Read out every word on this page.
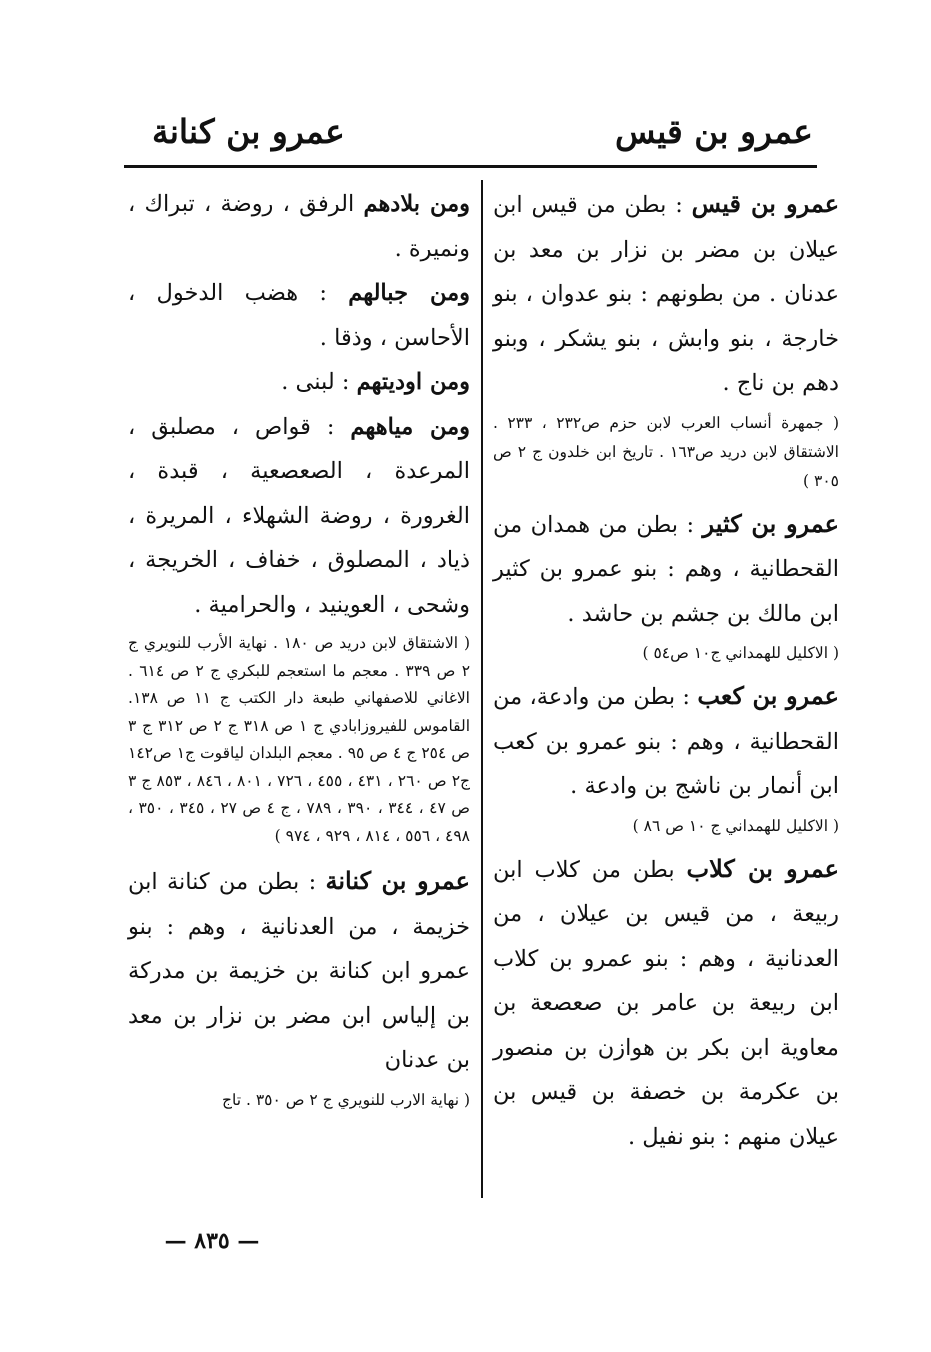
عمرو بن قيس
عمرو بن كنانة

عمرو بن قيس : بطن من قيس ابن عيلان بن مضر بن نزار بن معد بن عدنان . من بطونهم : بنو عدوان ، بنو خارجة ، بنو وابش ، بنو يشكر ، وبنو دهم بن ناج .

( جمهرة أنساب العرب لابن حزم ص٢٣٢ ، ٢٣٣ . الاشتقاق لابن دريد ص١٦٣ . تاريخ ابن خلدون ج ٢ ص ٣٠٥ )

عمرو بن كثير : بطن من همدان من القحطانية ، وهم : بنو عمرو بن كثير ابن مالك بن جشم بن حاشد .

( الاكليل للهمداني ج١٠ ص٥٤ )

عمرو بن كعب : بطن من وادعة، من القحطانية ، وهم : بنو عمرو بن كعب ابن أنمار بن ناشج بن وادعة .

( الاكليل للهمداني ج ١٠ ص ٨٦ )

عمرو بن كلاب بطن من كلاب ابن ربيعة ، من قيس بن عيلان ، من العدنانية ، وهم : بنو عمرو بن كلاب ابن ربيعة بن عامر بن صعصعة بن معاوية ابن بكر بن هوازن بن منصور بن عكرمة بن خصفة بن قيس بن عيلان منهم : بنو نفيل .

ومن بلادهم الرفق ، روضة ، تبراك ، ونميرة .

ومن جبالهم : هضب الدخول ، الأحاسن ، وذقا .

ومن اوديتهم : لبنى .

ومن مياههم : قواص ، مصلبق ، المرعدة ، الصعصعية ، قبدة ، الغرورة ، روضة الشهلاء ، المريرة ، ذياد ، المصلوق ، خفاف ، الخريجة ، وشحى ، العوينيد ، والحرامية .

( الاشتقاق لابن دريد ص ١٨٠ . نهاية الأرب للنويري ج ٢ ص ٣٣٩ . معجم ما استعجم للبكري ج ٢ ص ٦١٤ . الاغاني للاصفهاني طبعة دار الكتب ج ١١ ص ١٣٨. القاموس للفيروزابادي ج ١ ص ٣١٨ ج ٢ ص ٣١٢ ج ٣ ص ٢٥٤ ج ٤ ص ٩٥ . معجم البلدان لياقوت ج١ ص١٤٢ ج٢ ص ٢٦٠ ، ٤٣١ ، ٤٥٥ ، ٧٢٦ ، ٨٠١ ، ٨٤٦ ، ٨٥٣ ج ٣ ص ٤٧ ، ٣٤٤ ، ٣٩٠ ، ٧٨٩ ، ج ٤ ص ٢٧ ، ٣٤٥ ، ٣٥٠ ، ٤٩٨ ، ٥٥٦ ، ٨١٤ ، ٩٢٩ ، ٩٧٤ )

عمرو بن كنانة : بطن من كنانة ابن خزيمة ، من العدنانية ، وهم : بنو عمرو ابن كنانة بن خزيمة بن مدركة بن إلياس ابن مضر بن نزار بن معد بن عدنان

( نهاية الارب للنويري ج ٢ ص ٣٥٠ . تاج

— ٨٣٥ —
